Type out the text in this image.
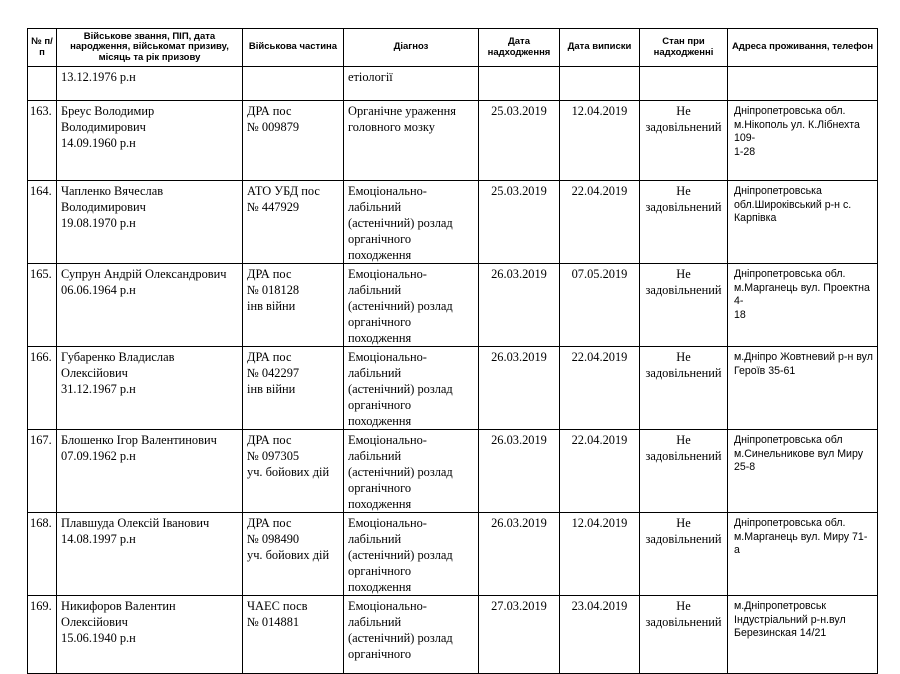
№ п/п	Військове звання, ПІП, дата народження, військомат призиву, місяць та рік призову	Військова частина	Діагноз	Дата надходження	Дата виписки	Стан при надходженні	Адреса проживання, телефон

	13.12.1976 р.н		етіології				

163.	Бреус Володимир
Володимирович
14.09.1960 р.н	ДРА пос
№ 009879	Органічне ураження
головного мозку	25.03.2019	12.04.2019	Не
задовільнений	Дніпропетровська обл.
м.Нікополь ул. К.Лібнехта 109-
1-28

164.	Чапленко Вячеслав
Володимирович
19.08.1970 р.н	АТО УБД пос
№ 447929	Емоціонально-
лабільний
(астенічний) розлад
органічного
походження	25.03.2019	22.04.2019	Не
задовільнений	Дніпропетровська
обл.Широківський р-н с.
Карпівка

165.	Супрун Андрій Олександрович
06.06.1964 р.н	ДРА пос
№ 018128
інв війни	Емоціонально-
лабільний
(астенічний) розлад
органічного
походження	26.03.2019	07.05.2019	Не
задовільнений	Дніпропетровська обл.
м.Марганець вул. Проектна 4-
18

166.	Губаренко Владислав
Олексійович
31.12.1967 р.н	ДРА пос
№ 042297
інв війни	Емоціонально-
лабільний
(астенічний) розлад
органічного
походження	26.03.2019	22.04.2019	Не
задовільнений	м.Дніпро Жовтневий р-н вул
Героїв 35-61

167.	Блошенко Ігор Валентинович
07.09.1962 р.н	ДРА пос
№ 097305
уч. бойових дій	Емоціонально-
лабільний
(астенічний) розлад
органічного
походження	26.03.2019	22.04.2019	Не
задовільнений	Дніпропетровська обл
м.Синельникове вул Миру 25-8

168.	Плавшуда Олексій Іванович
14.08.1997 р.н	ДРА пос
№ 098490
уч. бойових дій	Емоціонально-
лабільний
(астенічний) розлад
органічного
походження	26.03.2019	12.04.2019	Не
задовільнений	Дніпропетровська обл.
м.Марганець вул. Миру 71-а

169.	Никифоров Валентин
Олексійович
15.06.1940 р.н	ЧАЕС посв
№ 014881	Емоціонально-
лабільний
(астенічний) розлад
органічного	27.03.2019	23.04.2019	Не
задовільнений	м.Дніпропетровськ
Індустріальний р-н.вул
Березинская 14/21
